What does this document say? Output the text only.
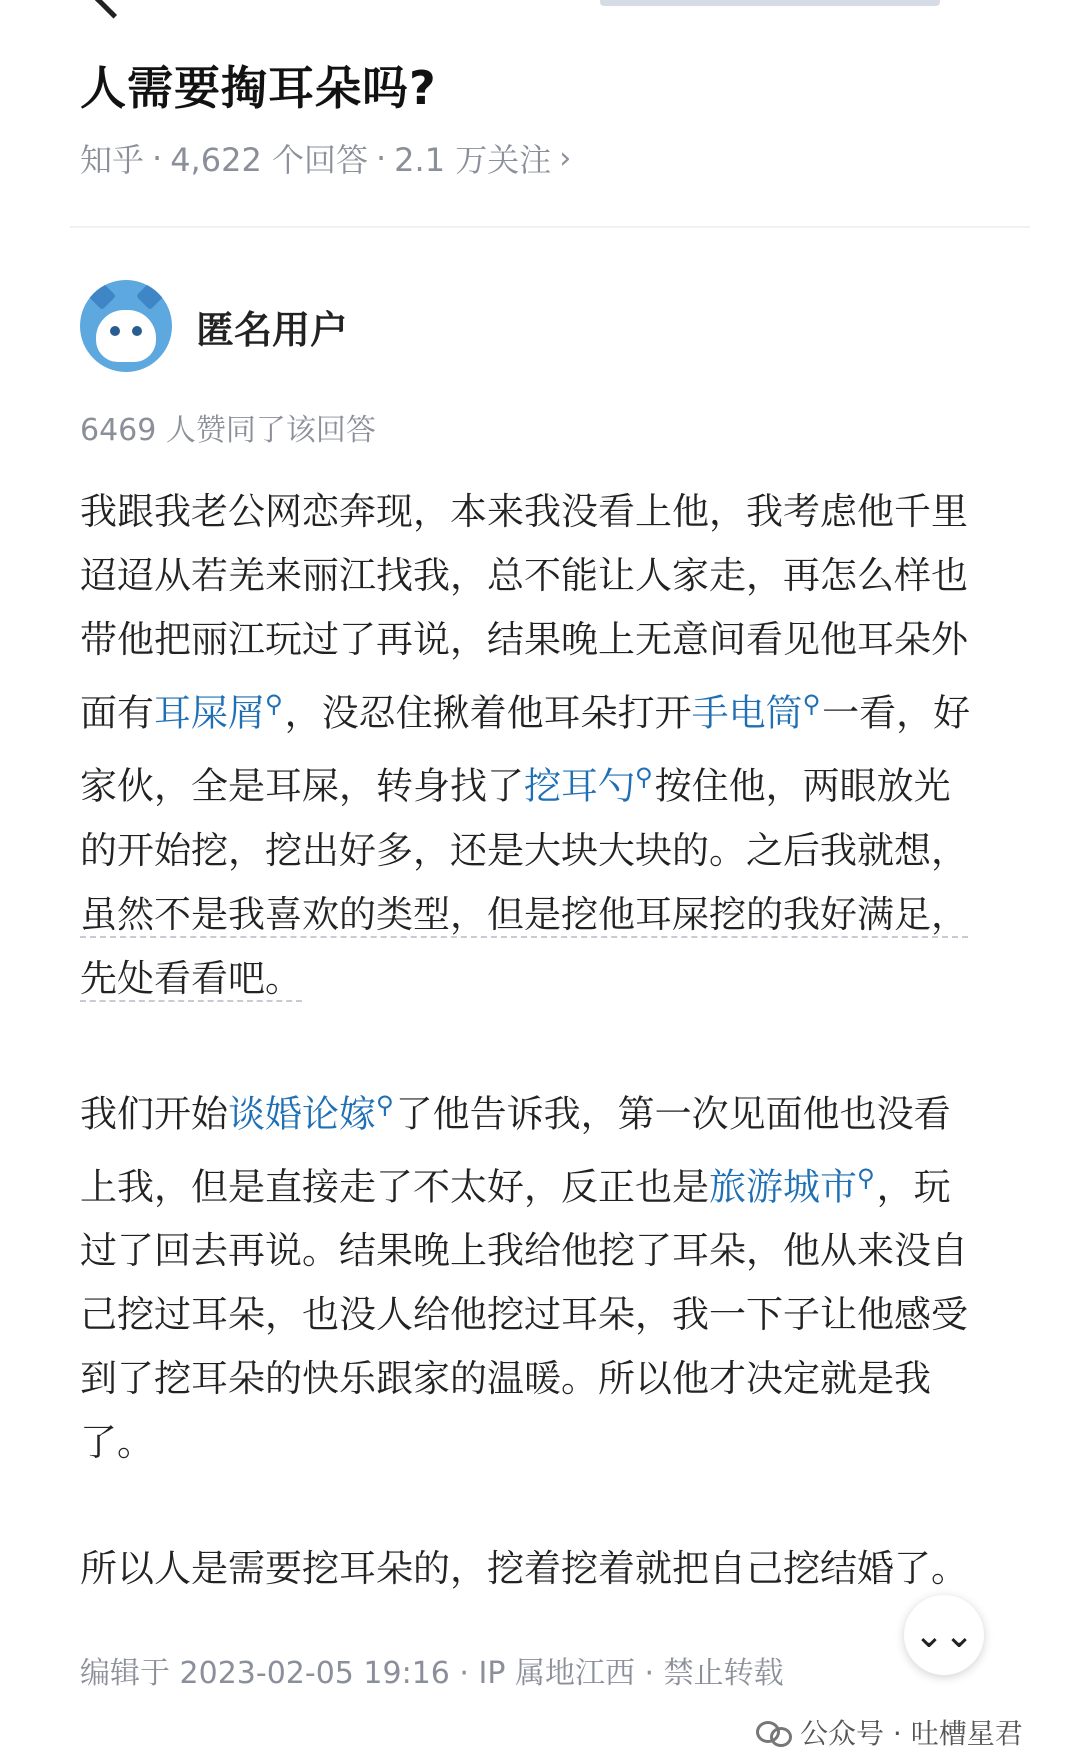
人需要掏耳朵吗?
知乎 · 4,622 个回答 · 2.1 万关注 ›
匿名用户
6469 人赞同了该回答

我跟我老公网恋奔现，本来我没看上他，我考虑他千里迢迢从若羌来丽江找我，总不能让人家走，再怎么样也带他把丽江玩过了再说，结果晚上无意间看见他耳朵外面有耳屎屑⚲，没忍住揪着他耳朵打开手电筒⚲一看，好家伙，全是耳屎，转身找了挖耳勺⚲按住他，两眼放光的开始挖，挖出好多，还是大块大块的。之后我就想，虽然不是我喜欢的类型，但是挖他耳屎挖的我好满足，先处看看吧。

我们开始谈婚论嫁⚲了他告诉我，第一次见面他也没看上我，但是直接走了不太好，反正也是旅游城市⚲，玩过了回去再说。结果晚上我给他挖了耳朵，他从来没自己挖过耳朵，也没人给他挖过耳朵，我一下子让他感受到了挖耳朵的快乐跟家的温暖。所以他才决定就是我了。

所以人是需要挖耳朵的，挖着挖着就把自己挖结婚了。

编辑于 2023-02-05 19:16 · IP 属地江西 · 禁止转载
⌄⌄
公众号 · 吐槽星君
